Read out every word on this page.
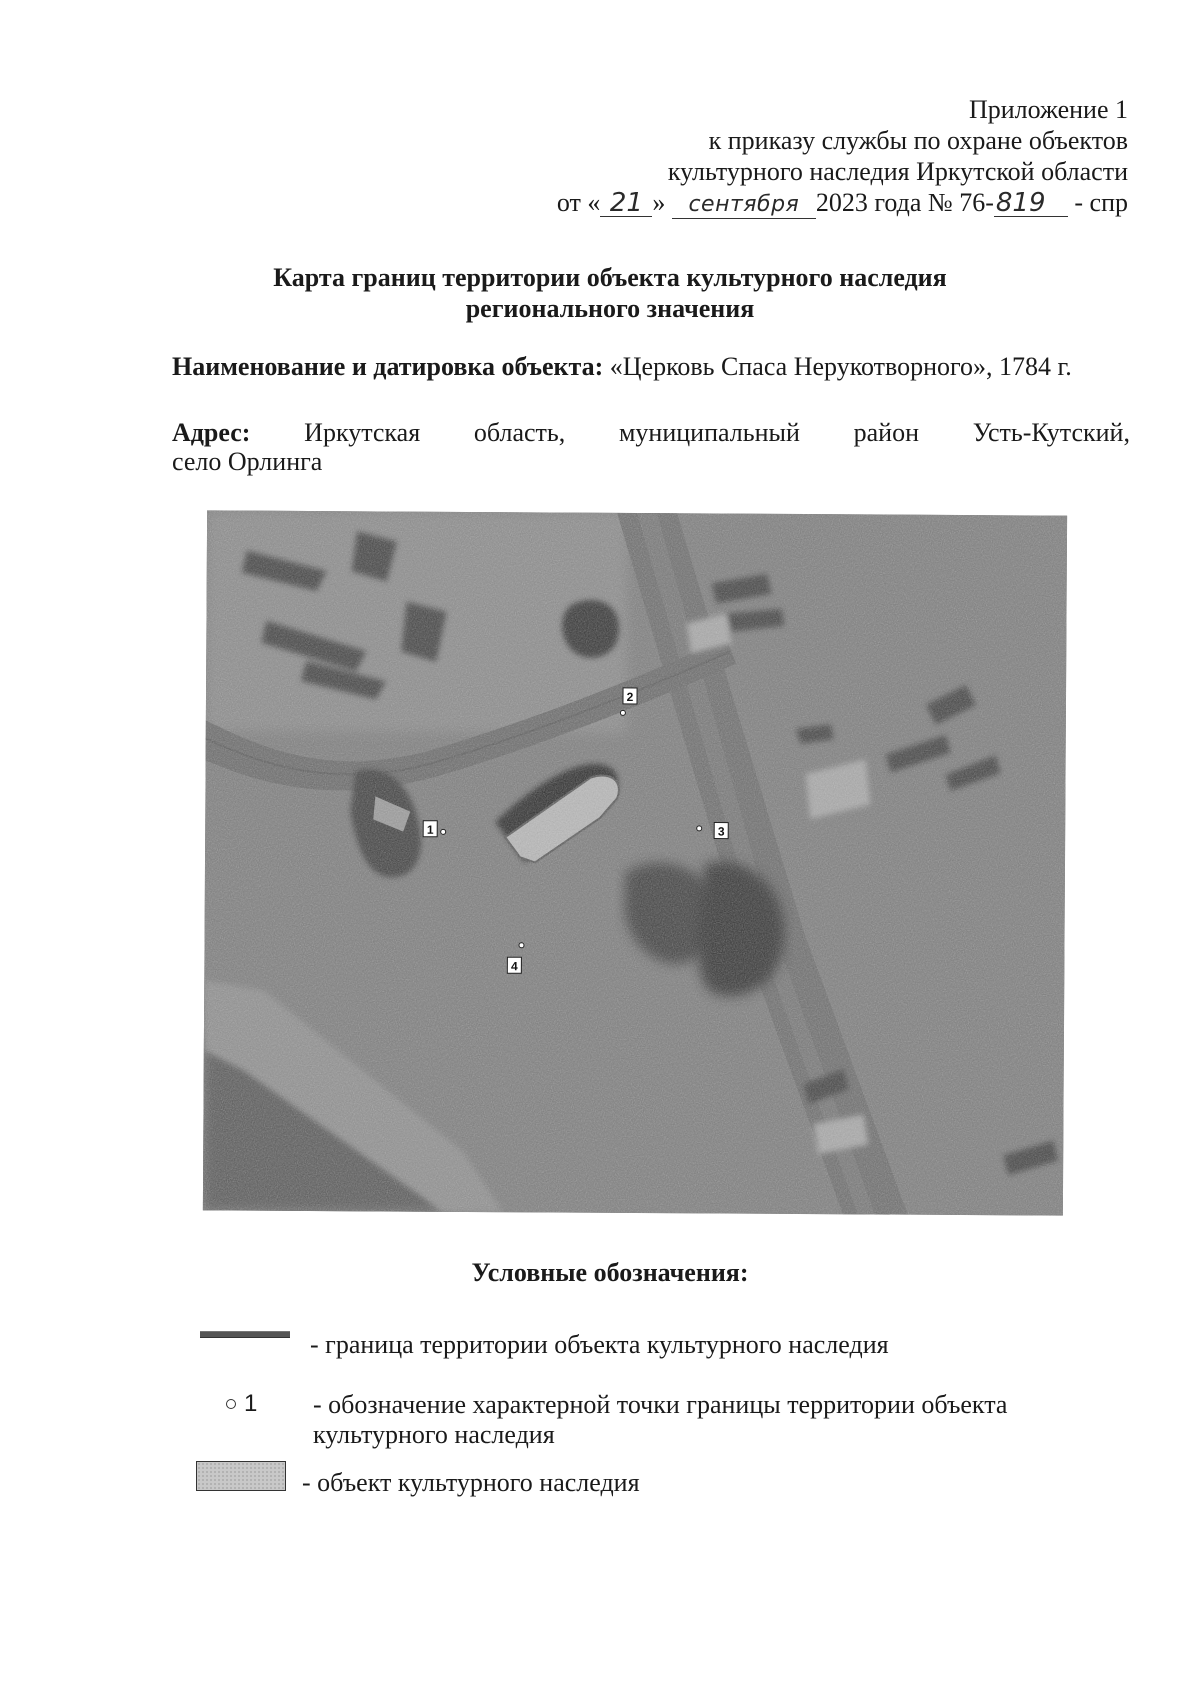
Приложение 1
к приказу службы по охране объектов
культурного наследия Иркутской области
от « 21 » сентября 2023 года № 76-819 - спр
Карта границ территории объекта культурного наследия
регионального значения
Наименование и датировка объекта: «Церковь Спаса Нерукотворного», 1784 г.
Адрес: Иркутская область, муниципальный район Усть-Кутский,
село Орлинга
1
2
3
4
Условные обозначения:
- граница территории объекта культурного наследия
1 - обозначение характерной точки границы территории объекта
культурного наследия
- объект культурного наследия
